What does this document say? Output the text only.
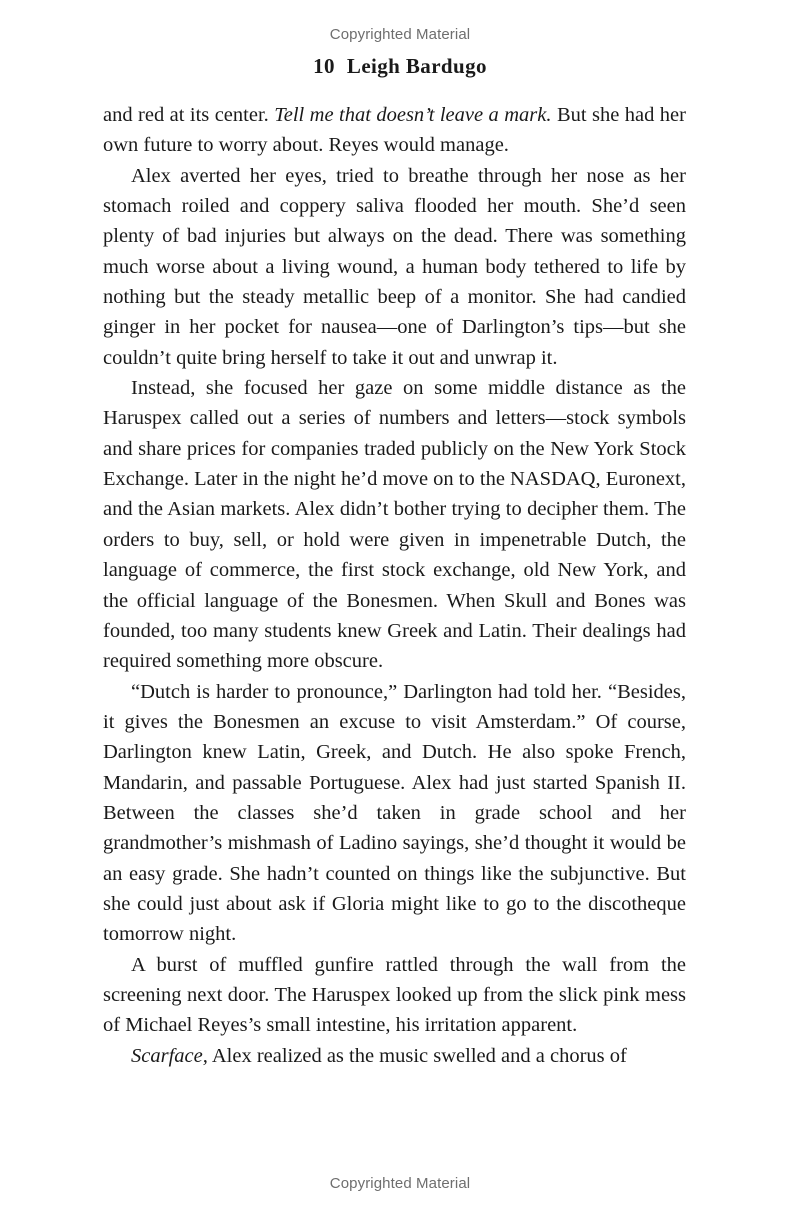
Copyrighted Material
10 Leigh Bardugo

and red at its center. Tell me that doesn’t leave a mark. But she had her own future to worry about. Reyes would manage.

Alex averted her eyes, tried to breathe through her nose as her stomach roiled and coppery saliva flooded her mouth. She’d seen plenty of bad injuries but always on the dead. There was something much worse about a living wound, a human body tethered to life by nothing but the steady metallic beep of a monitor. She had candied ginger in her pocket for nausea—one of Darlington’s tips—but she couldn’t quite bring herself to take it out and unwrap it.

Instead, she focused her gaze on some middle distance as the Haruspex called out a series of numbers and letters—stock symbols and share prices for companies traded publicly on the New York Stock Exchange. Later in the night he’d move on to the NASDAQ, Euronext, and the Asian markets. Alex didn’t bother trying to decipher them. The orders to buy, sell, or hold were given in impenetrable Dutch, the language of commerce, the first stock exchange, old New York, and the official language of the Bonesmen. When Skull and Bones was founded, too many students knew Greek and Latin. Their dealings had required something more obscure.

“Dutch is harder to pronounce,” Darlington had told her. “Besides, it gives the Bonesmen an excuse to visit Amsterdam.” Of course, Darlington knew Latin, Greek, and Dutch. He also spoke French, Mandarin, and passable Portuguese. Alex had just started Spanish II. Between the classes she’d taken in grade school and her grandmother’s mishmash of Ladino sayings, she’d thought it would be an easy grade. She hadn’t counted on things like the subjunctive. But she could just about ask if Gloria might like to go to the discotheque tomorrow night.

A burst of muffled gunfire rattled through the wall from the screening next door. The Haruspex looked up from the slick pink mess of Michael Reyes’s small intestine, his irritation apparent.

Scarface, Alex realized as the music swelled and a chorus of

Copyrighted Material
